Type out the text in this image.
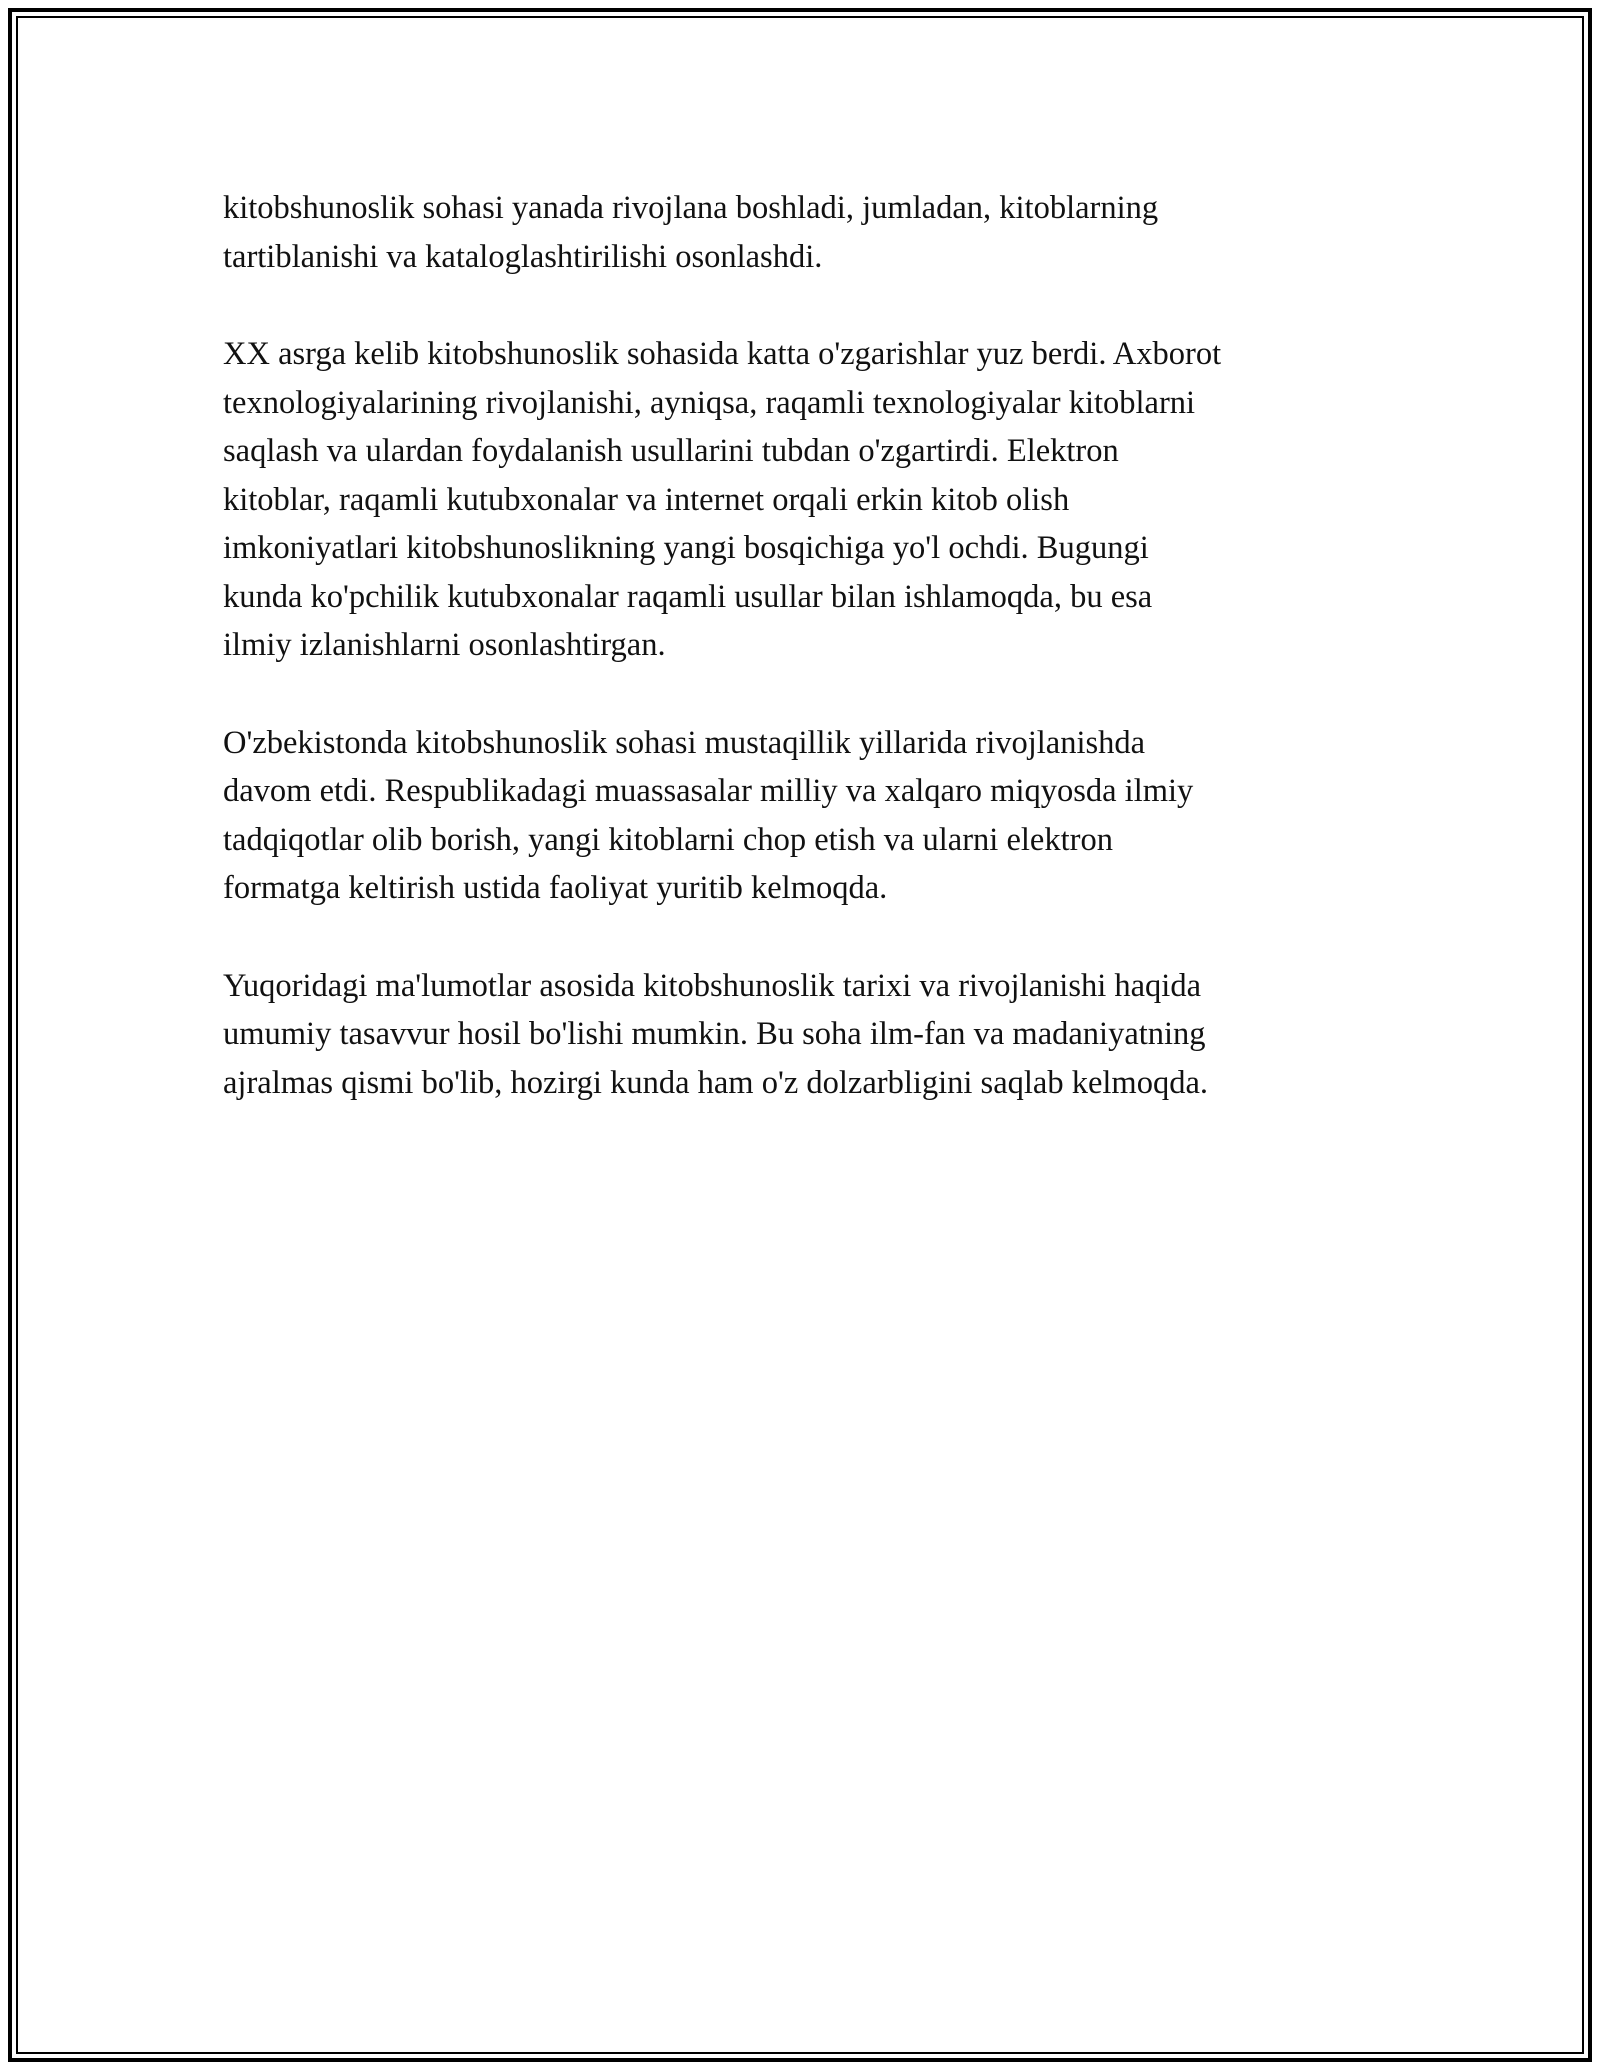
kitobshunoslik sohasi yanada rivojlana boshladi, jumladan, kitoblarning
tartiblanishi va kataloglashtirilishi osonlashdi.

XX asrga kelib kitobshunoslik sohasida katta o'zgarishlar yuz berdi. Axborot
texnologiyalarining rivojlanishi, ayniqsa, raqamli texnologiyalar kitoblarni
saqlash va ulardan foydalanish usullarini tubdan o'zgartirdi. Elektron
kitoblar, raqamli kutubxonalar va internet orqali erkin kitob olish
imkoniyatlari kitobshunoslikning yangi bosqichiga yo'l ochdi. Bugungi
kunda ko'pchilik kutubxonalar raqamli usullar bilan ishlamoqda, bu esa
ilmiy izlanishlarni osonlashtirgan.

O'zbekistonda kitobshunoslik sohasi mustaqillik yillarida rivojlanishda
davom etdi. Respublikadagi muassasalar milliy va xalqaro miqyosda ilmiy
tadqiqotlar olib borish, yangi kitoblarni chop etish va ularni elektron
formatga keltirish ustida faoliyat yuritib kelmoqda.

Yuqoridagi ma'lumotlar asosida kitobshunoslik tarixi va rivojlanishi haqida
umumiy tasavvur hosil bo'lishi mumkin. Bu soha ilm-fan va madaniyatning
ajralmas qismi bo'lib, hozirgi kunda ham o'z dolzarbligini saqlab kelmoqda.
